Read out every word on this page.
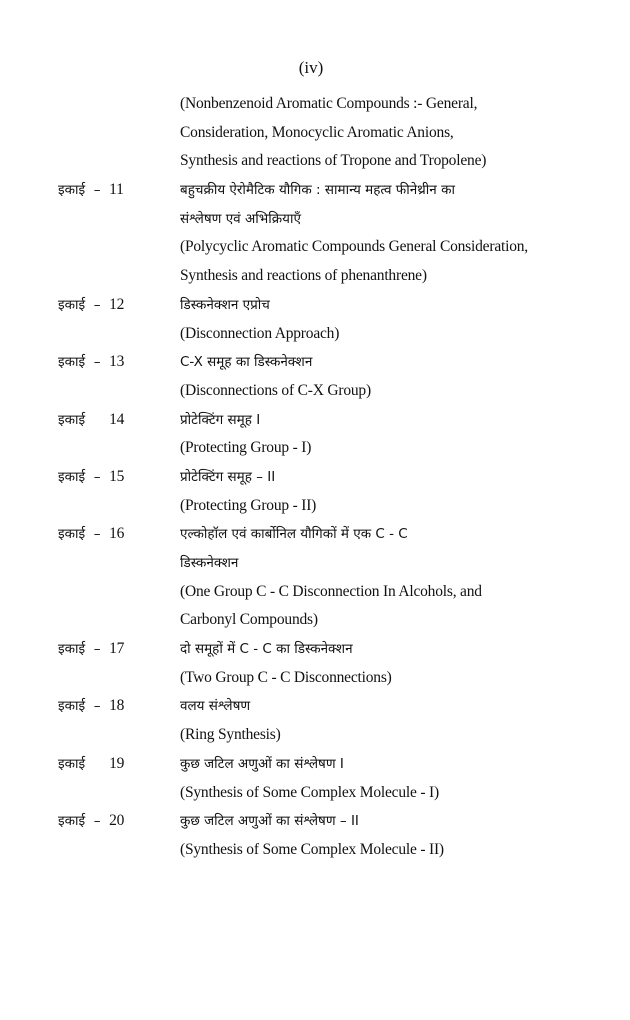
(iv)
(Nonbenzenoid Aromatic Compounds :- General,
Consideration, Monocyclic Aromatic Anions,
Synthesis and reactions of Tropone and Tropolene)
इकाई – 11	बहुचक्रीय ऐरोमैटिक यौगिक : सामान्य महत्व फीनेथ्रीन का
संश्लेषण एवं अभिक्रियाएँ
(Polycyclic Aromatic Compounds General Consideration,
Synthesis and reactions of phenanthrene)
इकाई – 12	डिस्कनेक्शन एप्रोच
(Disconnection Approach)
इकाई – 13	C-X समूह का डिस्कनेक्शन
(Disconnections of C-X Group)
इकाई 14	प्रोटेक्टिंग समूह I
(Protecting Group - I)
इकाई – 15	प्रोटेक्टिंग समूह – II
(Protecting Group - II)
इकाई – 16	एल्कोहॉल एवं कार्बोनिल यौगिकों में एक C - C
डिस्कनेक्शन
(One Group C - C Disconnection In Alcohols, and
Carbonyl Compounds)
इकाई – 17	दो समूहों में C - C का डिस्कनेक्शन
(Two Group C - C Disconnections)
इकाई – 18	वलय संश्लेषण
(Ring Synthesis)
इकाई 19	कुछ जटिल अणुओं का संश्लेषण I
(Synthesis of Some Complex Molecule - I)
इकाई – 20	कुछ जटिल अणुओं का संश्लेषण – II
(Synthesis of Some Complex Molecule - II)
